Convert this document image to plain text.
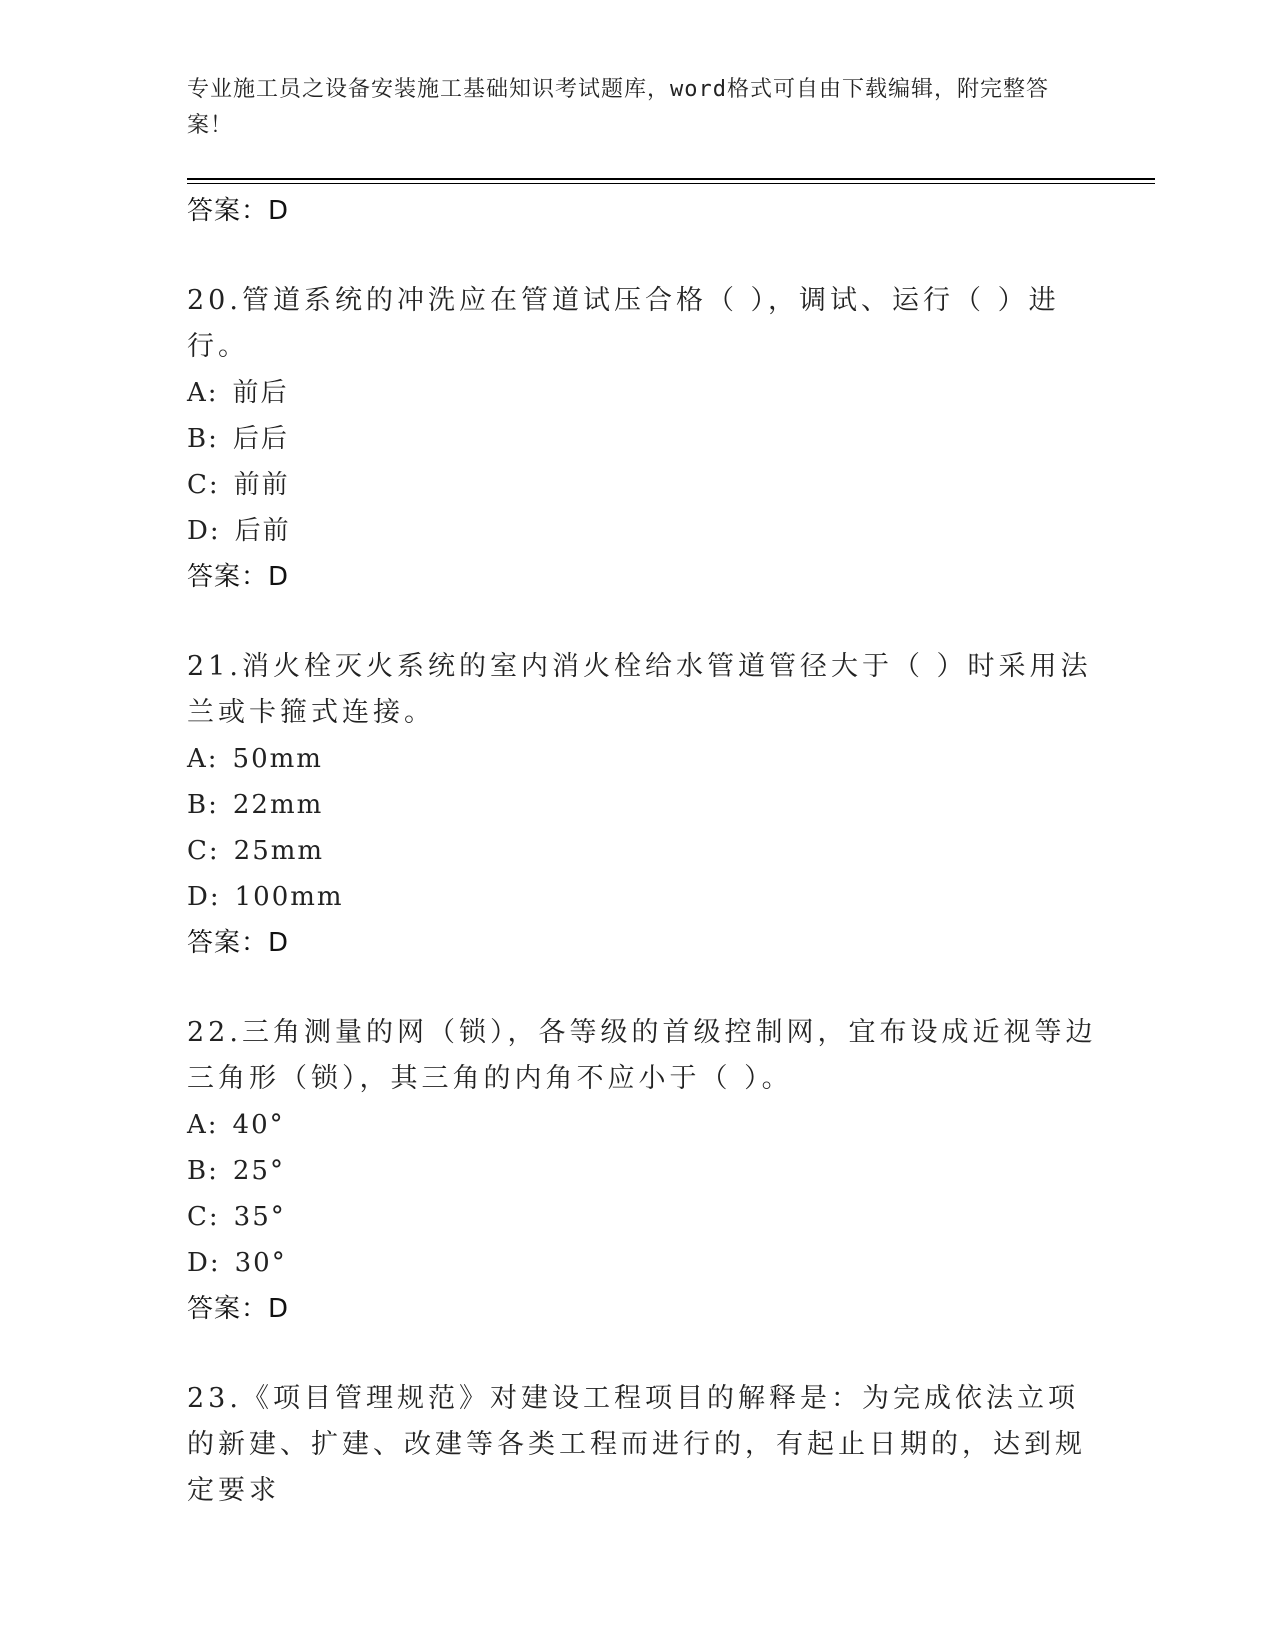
专业施工员之设备安装施工基础知识考试题库，word格式可自由下载编辑，附完整答案！
答案：D
20.管道系统的冲洗应在管道试压合格（ ），调试、运行（ ）进行。
A: 前后
B: 后后
C: 前前
D: 后前
答案：D
21.消火栓灭火系统的室内消火栓给水管道管径大于（ ）时采用法兰或卡箍式连接。
A: 50mm
B: 22mm
C: 25mm
D: 100mm
答案：D
22.三角测量的网（锁），各等级的首级控制网，宜布设成近视等边三角形（锁），其三角的内角不应小于（ ）。
A: 40°
B: 25°
C: 35°
D: 30°
答案：D
23.《项目管理规范》对建设工程项目的解释是：为完成依法立项的新建、扩建、改建等各类工程而进行的，有起止日期的，达到规定要求
